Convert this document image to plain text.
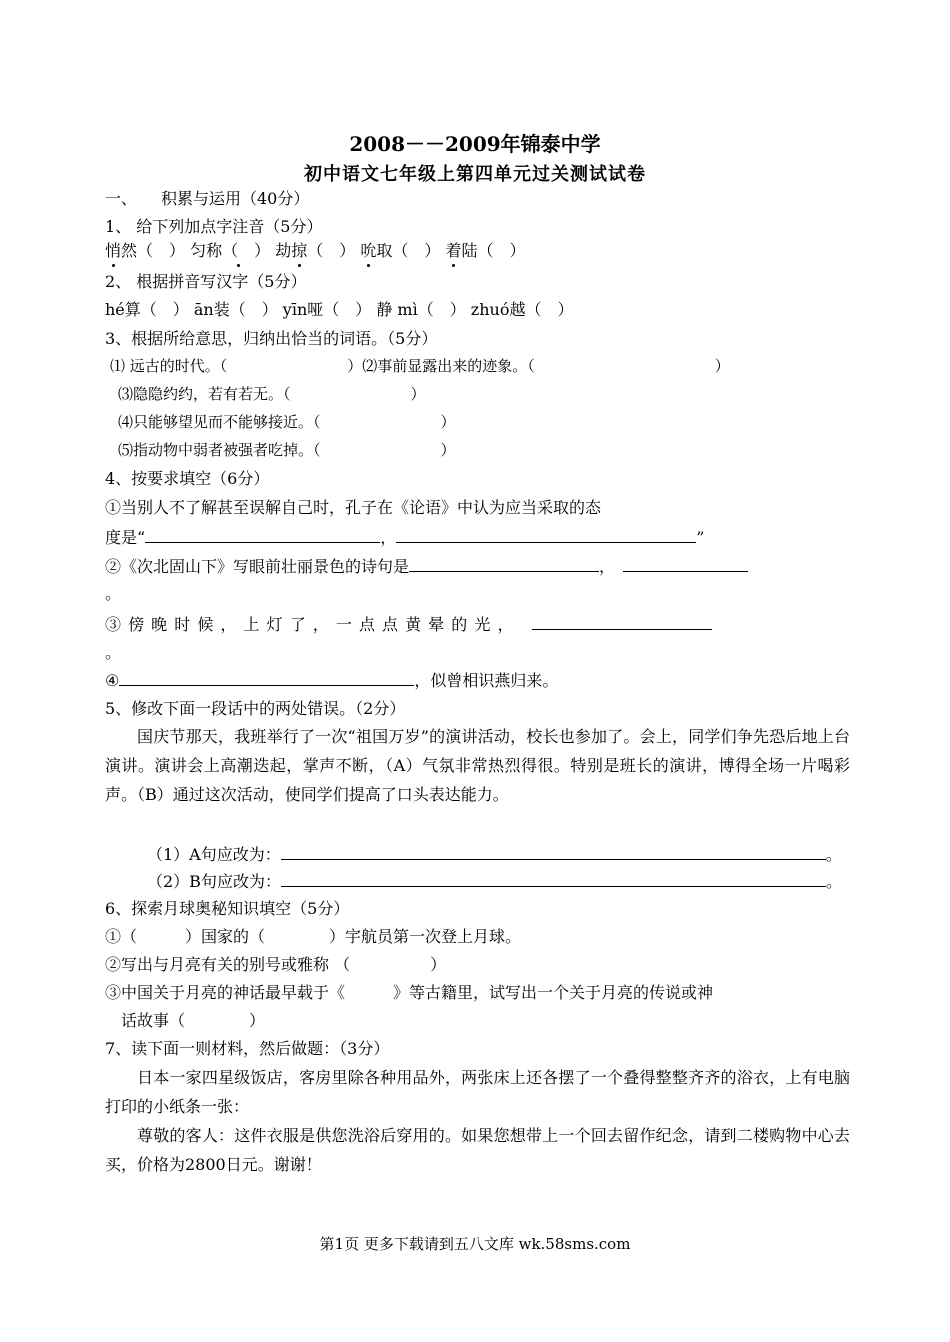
2008－－2009年锦泰中学
初中语文七年级上第四单元过关测试试卷
一、　　积累与运用（40分）
1、 给下列加点字注音（5分）
悄然（　） 匀称（　） 劫掠（　） 吮取（　） 着陆（　）
2、 根据拼音写汉字（5分）
hé算（　） ān装（　） yīn哑（　） 静 mì（　） zhuó越（　）
3、根据所给意思，归纳出恰当的词语。（5分）
⑴ 远古的时代。（　　　　　　　　）⑵事前显露出来的迹象。（　　　　　　　　　　　　）
⑶隐隐约约，若有若无。（　　　　　　　　）
⑷只能够望见而不能够接近。（　　　　　　　　）
⑸指动物中弱者被强者吃掉。（　　　　　　　　）
4、按要求填空（6分）
①当别人不了解甚至误解自己时，孔子在《论语》中认为应当采取的态
度是“	，	”
②《次北固山下》写眼前壮丽景色的诗句是	，
。
③ 傍 晚 时 候 ， 上 灯 了 ， 一 点 点 黄 晕 的 光 ，
。
④	，似曾相识燕归来。
5、修改下面一段话中的两处错误。（2分）
国庆节那天，我班举行了一次“祖国万岁”的演讲活动，校长也参加了。会上，同学们争先恐后地上台演讲。演讲会上高潮迭起，掌声不断，（A）气氛非常热烈得很。特别是班长的演讲，博得全场一片喝彩声。（B）通过这次活动，使同学们提高了口头表达能力。
（1）A句应改为：	。
（2）B句应改为：	。
6、探索月球奥秘知识填空（5分）
①（　　　）国家的（　　　　）宇航员第一次登上月球。
②写出与月亮有关的别号或雅称 （　　　　　）
③中国关于月亮的神话最早载于《　　　》等古籍里，试写出一个关于月亮的传说或神
话故事（　　　　）
7、读下面一则材料，然后做题：（3分）
日本一家四星级饭店，客房里除各种用品外，两张床上还各摆了一个叠得整整齐齐的浴衣，上有电脑打印的小纸条一张：
尊敬的客人：这件衣服是供您洗浴后穿用的。如果您想带上一个回去留作纪念，请到二楼购物中心去买，价格为2800日元。谢谢！
第1页 更多下载请到五八文库 wk.58sms.com
